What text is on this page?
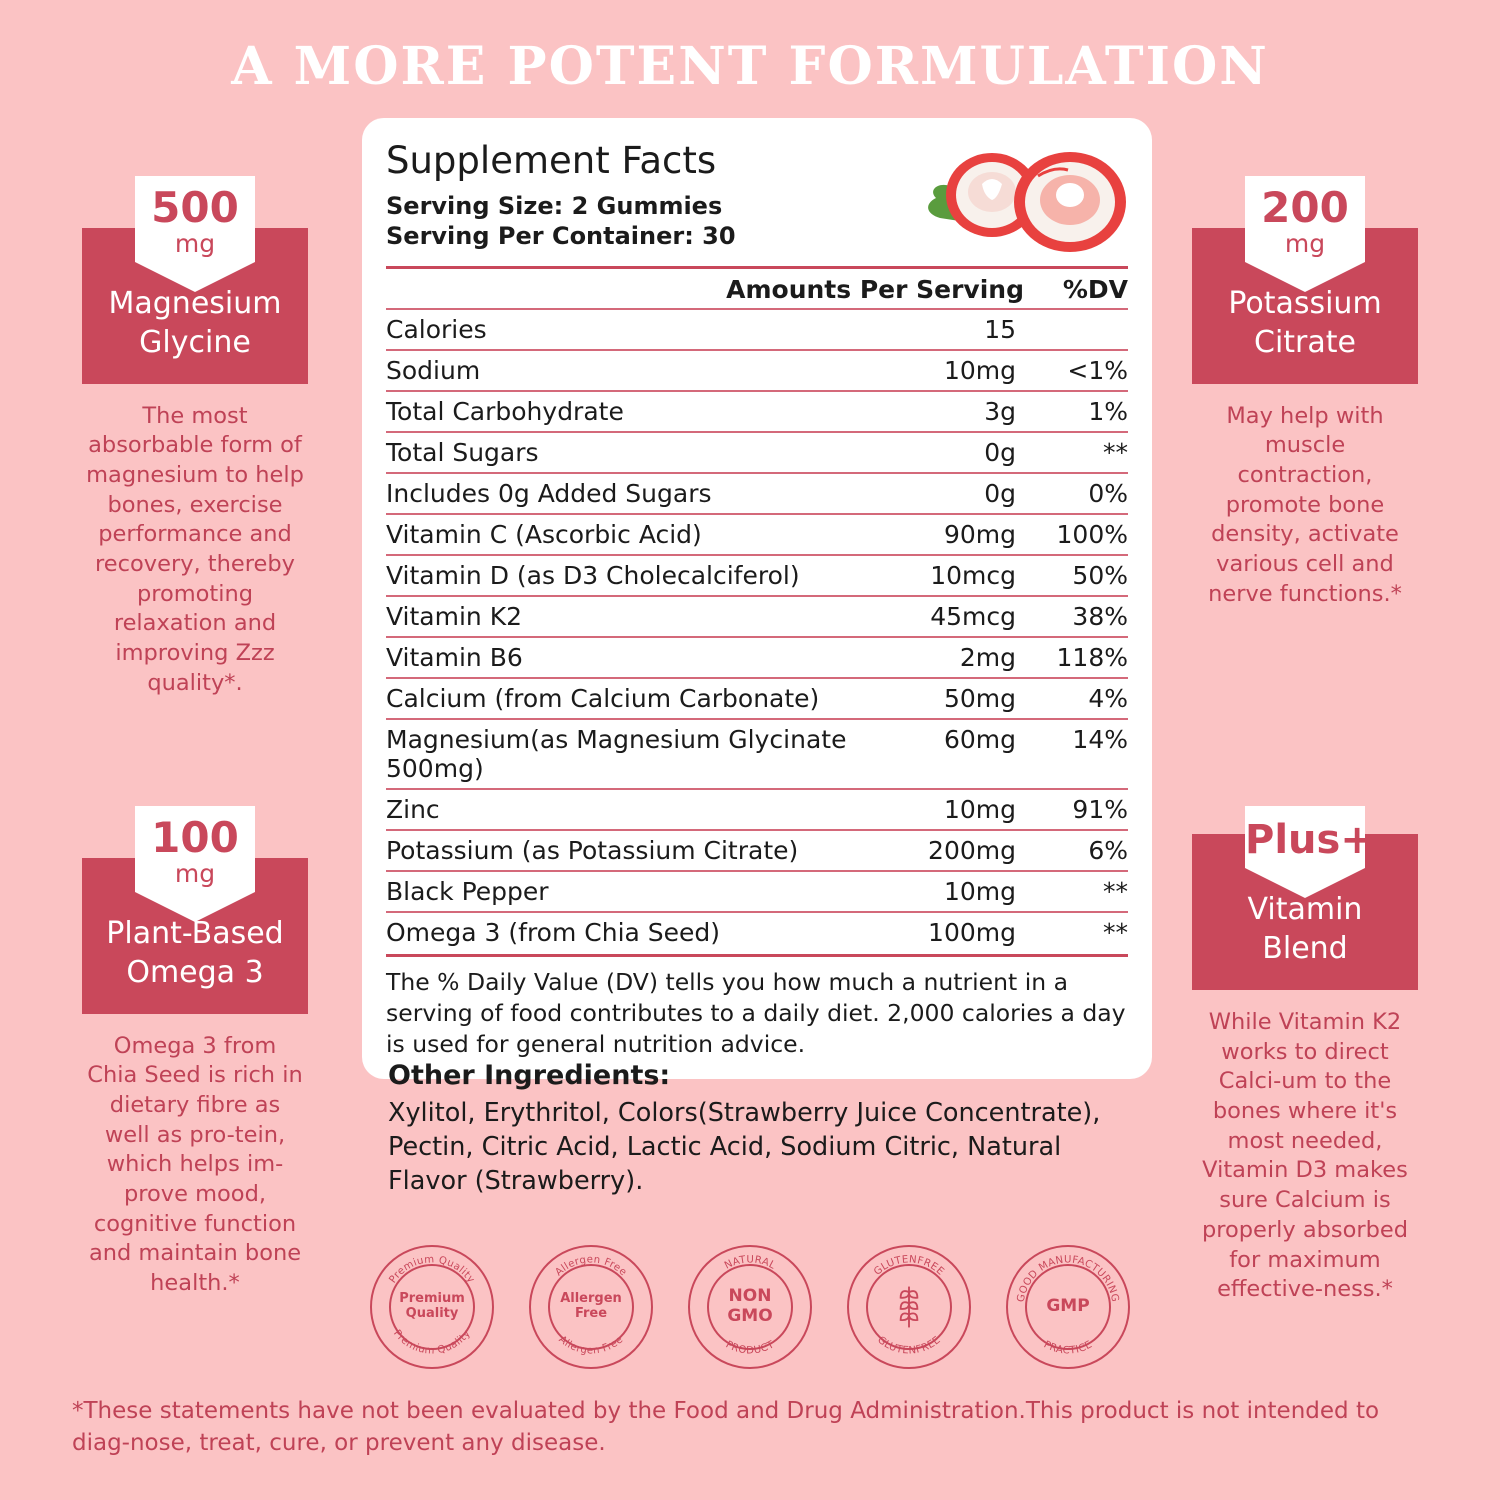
A MORE POTENT FORMULATION
500
mg
Magnesium
Glycine
The most absorbable form of magnesium to help bones, exercise performance and recovery, thereby promoting relaxation and improving Zzz quality*.
200
mg
Potassium
Citrate
May help with muscle contraction, promote bone density, activate various cell and nerve functions.*
100
mg
Plant-Based
Omega 3
Omega 3 from Chia Seed is rich in dietary fibre as well as pro-tein, which helps im-prove mood, cognitive function and maintain bone health.*
Plus+
Vitamin
Blend
While Vitamin K2 works to direct Calci-um to the bones where it's most needed, Vitamin D3 makes sure Calcium is properly absorbed for maximum effective-ness.*
Supplement Facts
Serving Size: 2 Gummies
Serving Per Container: 30
Amounts Per Serving	%DV
Calories	15	
Sodium	10mg	<1%
Total Carbohydrate	3g	1%
Total Sugars	0g	**
Includes 0g Added Sugars	0g	0%
Vitamin C (Ascorbic Acid)	90mg	100%
Vitamin D (as D3 Cholecalciferol)	10mcg	50%
Vitamin K2	45mcg	38%
Vitamin B6	2mg	118%
Calcium (from Calcium Carbonate)	50mg	4%
Magnesium(as Magnesium Glycinate 500mg)	60mg	14%
Zinc	10mg	91%
Potassium (as Potassium Citrate)	200mg	6%
Black Pepper	10mg	**
Omega 3 (from Chia Seed)	100mg	**
The % Daily Value (DV) tells you how much a nutrient in a serving of food contributes to a daily diet. 2,000 calories a day is used for general nutrition advice.
Other Ingredients:

Xylitol, Erythritol, Colors(Strawberry Juice Concentrate), Pectin, Citric Acid, Lactic Acid, Sodium Citric, Natural Flavor (Strawberry).

Premium Quality
Premium Quality
Premium
Quality
Allergen Free
Allergen Free
Allergen
Free
NATURAL
PRODUCT
NON
GMO
GLUTENFREE
GLUTENFREE
GOOD MANUFACTURING
PRACTICE
GMP
*These statements have not been evaluated by the Food and Drug Administration.This product is not intended to diag-nose, treat, cure, or prevent any disease.
